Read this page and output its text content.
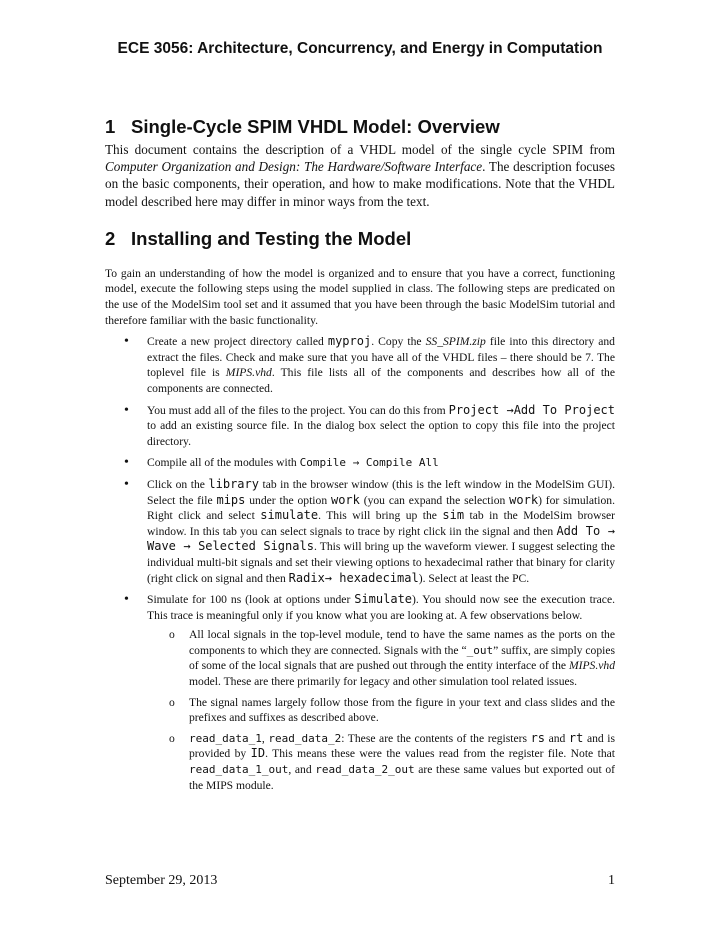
ECE 3056: Architecture, Concurrency, and Energy in Computation
1 Single-Cycle SPIM VHDL Model: Overview

This document contains the description of a VHDL model of the single cycle SPIM from Computer Organization and Design: The Hardware/Software Interface. The description focuses on the basic components, their operation, and how to make modifications. Note that the VHDL model described here may differ in minor ways from the text.

2 Installing and Testing the Model

To gain an understanding of how the model is organized and to ensure that you have a correct, functioning model, execute the following steps using the model supplied in class. The following steps are predicated on the use of the ModelSim tool set and it assumed that you have been through the basic ModelSim tutorial and therefore familiar with the basic functionality.

• Create a new project directory called myproj. Copy the SS_SPIM.zip file into this directory and extract the files. Check and make sure that you have all of the VHDL files – there should be 7. The toplevel file is MIPS.vhd. This file lists all of the components and describes how all of the components are connected.
• You must add all of the files to the project. You can do this from Project →Add To Project to add an existing source file. In the dialog box select the option to copy this file into the project directory.
• Compile all of the modules with Compile → Compile All
• Click on the library tab in the browser window (this is the left window in the ModelSim GUI). Select the file mips under the option work (you can expand the selection work) for simulation. Right click and select simulate. This will bring up the sim tab in the ModelSim browser window. In this tab you can select signals to trace by right click iin the signal and then Add To → Wave → Selected Signals. This will bring up the waveform viewer. I suggest selecting the individual multi-bit signals and set their viewing options to hexadecimal rather that binary for clarity (right click on signal and then Radix→ hexadecimal). Select at least the PC.
• Simulate for 100 ns (look at options under Simulate). You should now see the execution trace. This trace is meaningful only if you know what you are looking at. A few observations below.
o All local signals in the top-level module, tend to have the same names as the ports on the components to which they are connected. Signals with the “_out” suffix, are simply copies of some of the local signals that are pushed out through the entity interface of the MIPS.vhd model. These are there primarily for legacy and other simulation tool related issues.
o The signal names largely follow those from the figure in your text and class slides and the prefixes and suffixes as described above.
o read_data_1, read_data_2: These are the contents of the registers rs and rt and is provided by ID. This means these were the values read from the register file. Note that read_data_1_out, and read_data_2_out are these same values but exported out of the MIPS module.
September 29, 2013	1
